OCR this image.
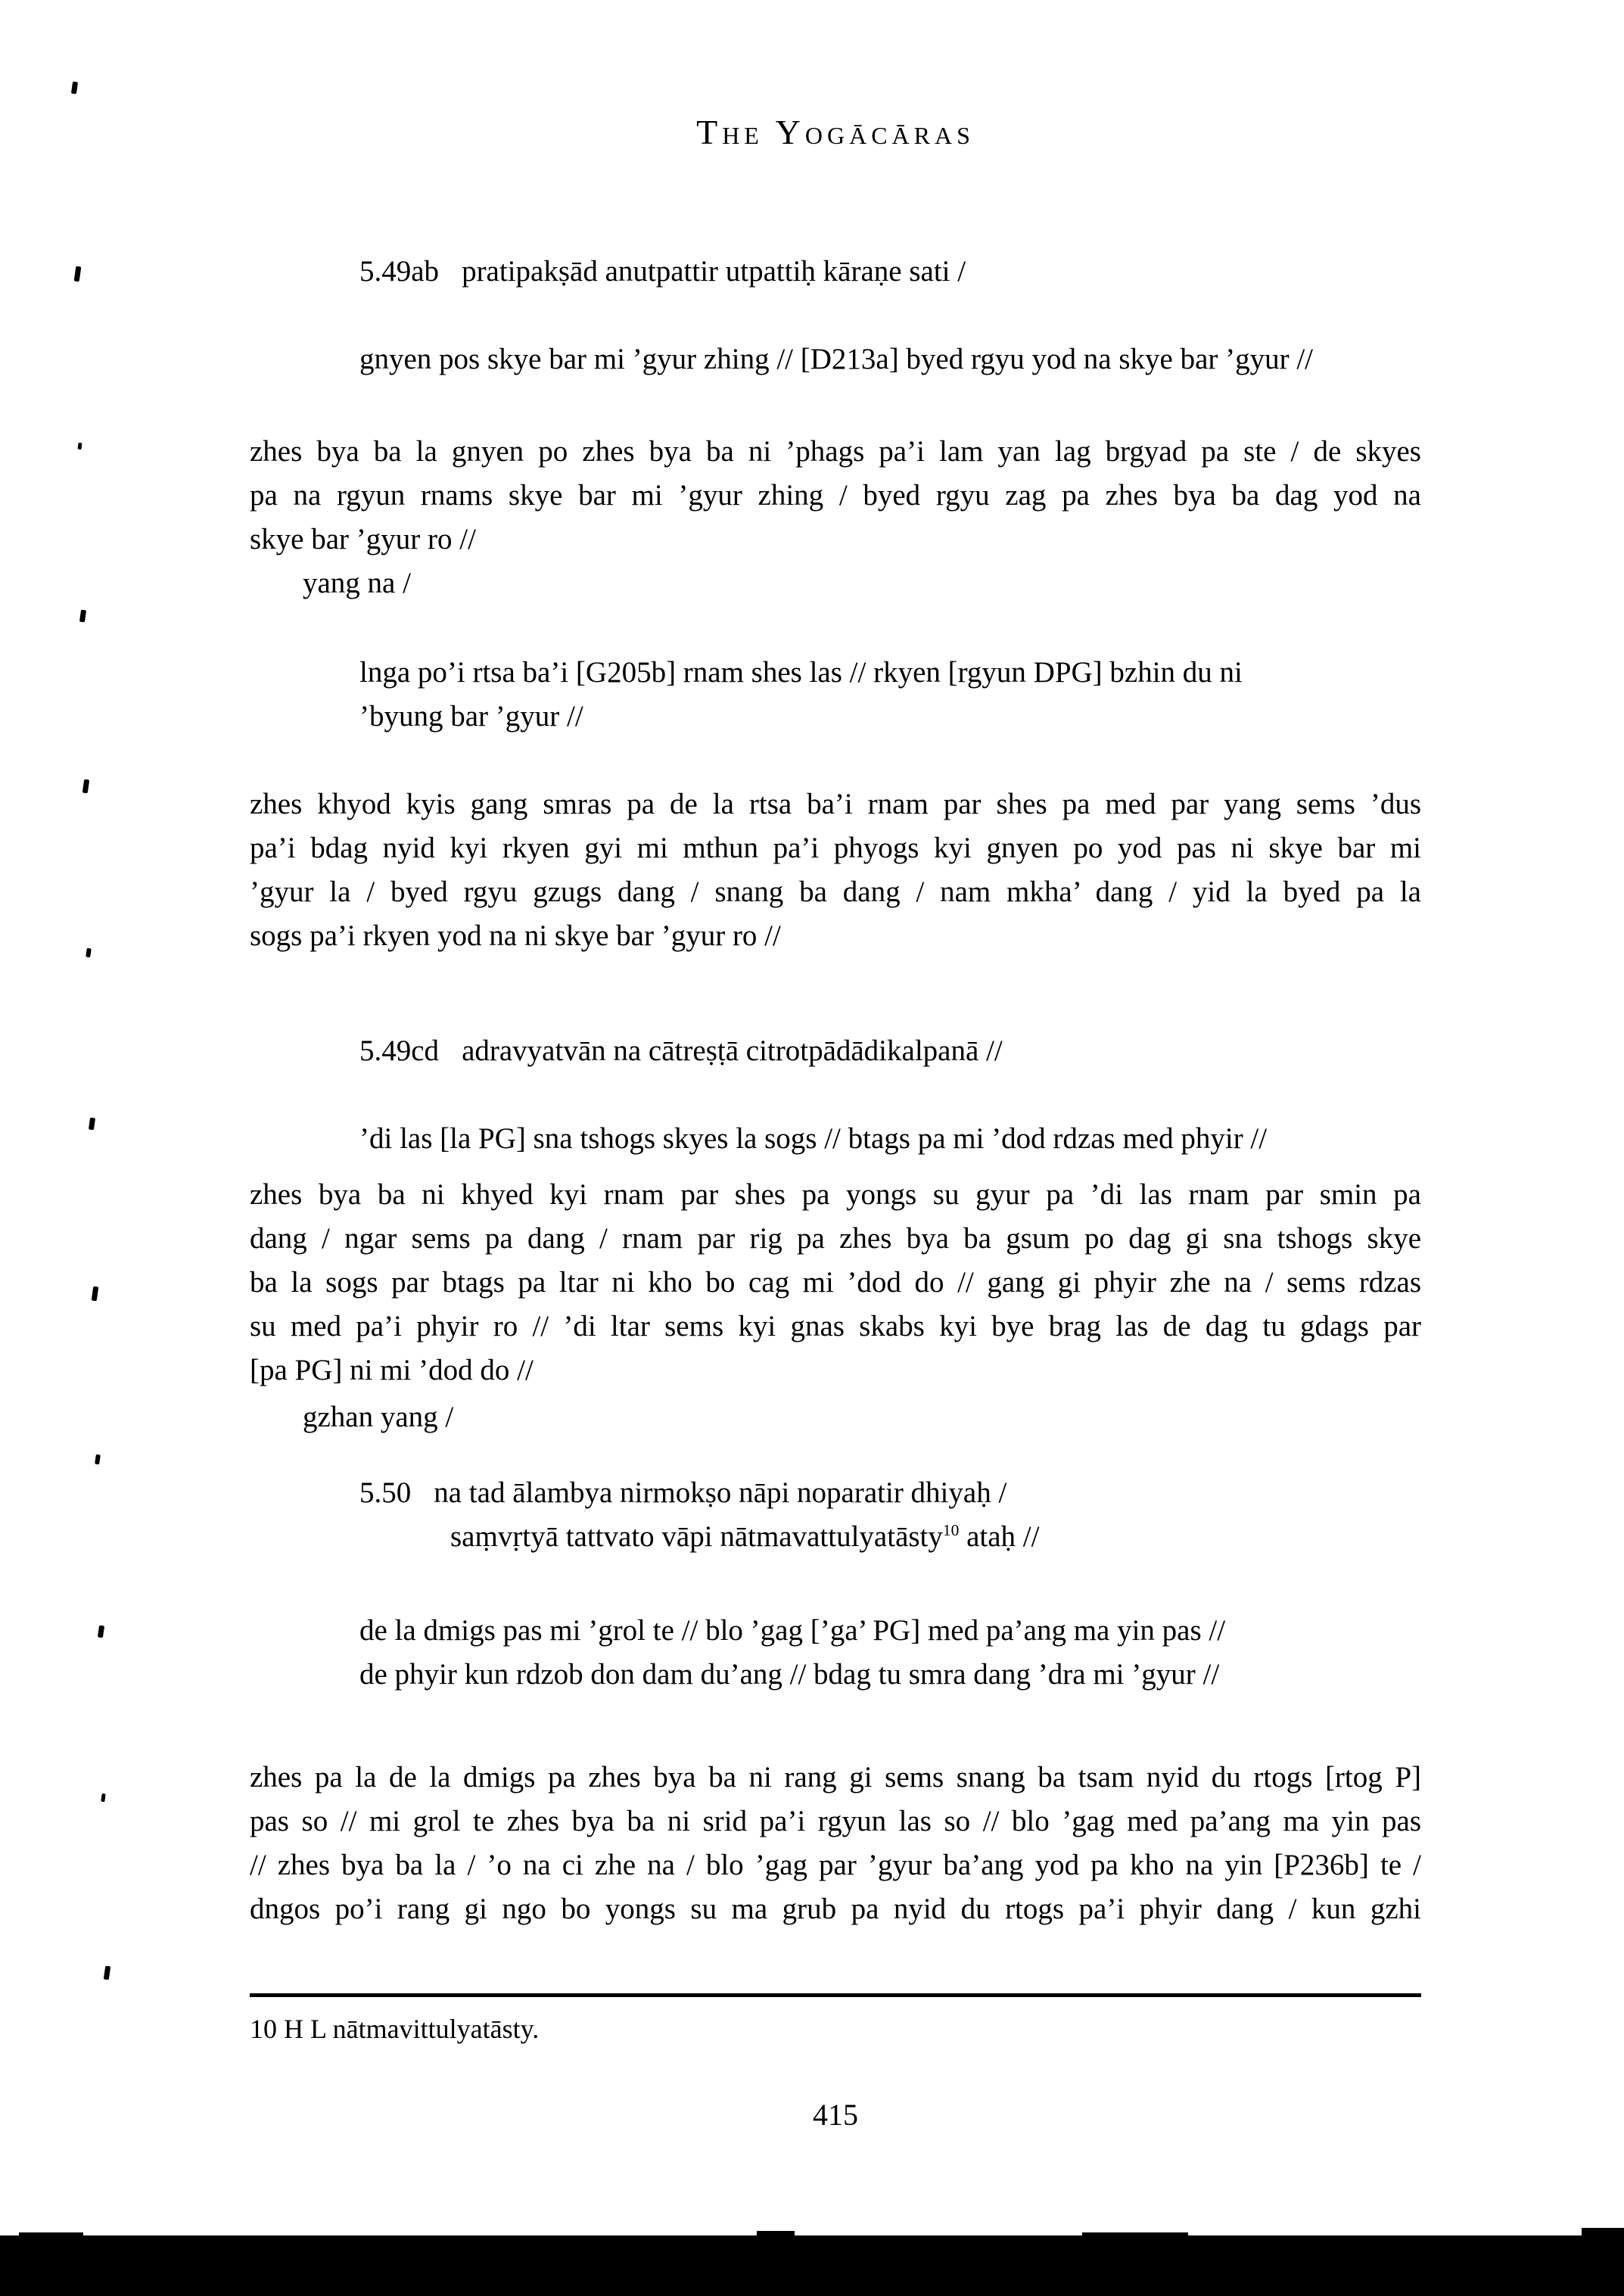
The Yogācāras
5.49ab pratipakṣād anutpattir utpattiḥ kāraṇe sati /
gnyen pos skye bar mi ’gyur zhing // [D213a] byed rgyu yod na skye bar ’gyur //
zhes bya ba la gnyen po zhes bya ba ni ’phags pa’i lam yan lag brgyad pa ste / de skyes
pa na rgyun rnams skye bar mi ’gyur zhing / byed rgyu zag pa zhes bya ba dag yod na
skye bar ’gyur ro //
yang na /
lnga po’i rtsa ba’i [G205b] rnam shes las // rkyen [rgyun DPG] bzhin du ni
’byung bar ’gyur //
zhes khyod kyis gang smras pa de la rtsa ba’i rnam par shes pa med par yang sems ’dus
pa’i bdag nyid kyi rkyen gyi mi mthun pa’i phyogs kyi gnyen po yod pas ni skye bar mi
’gyur la / byed rgyu gzugs dang / snang ba dang / nam mkha’ dang / yid la byed pa la
sogs pa’i rkyen yod na ni skye bar ’gyur ro //
5.49cd adravyatvān na cātreṣṭā citrotpādādikalpanā //
’di las [la PG] sna tshogs skyes la sogs // btags pa mi ’dod rdzas med phyir //
zhes bya ba ni khyed kyi rnam par shes pa yongs su gyur pa ’di las rnam par smin pa
dang / ngar sems pa dang / rnam par rig pa zhes bya ba gsum po dag gi sna tshogs skye
ba la sogs par btags pa ltar ni kho bo cag mi ’dod do // gang gi phyir zhe na / sems rdzas
su med pa’i phyir ro // ’di ltar sems kyi gnas skabs kyi bye brag las de dag tu gdags par
[pa PG] ni mi ’dod do //
gzhan yang /
5.50 na tad ālambya nirmokṣo nāpi noparatir dhiyaḥ /
saṃvṛtyā tattvato vāpi nātmavattulyatāsty$^{10}$ ataḥ //
de la dmigs pas mi ’grol te // blo ’gag [’ga’ PG] med pa’ang ma yin pas //
de phyir kun rdzob don dam du’ang // bdag tu smra dang ’dra mi ’gyur //
zhes pa la de la dmigs pa zhes bya ba ni rang gi sems snang ba tsam nyid du rtogs [rtog P]
pas so // mi grol te zhes bya ba ni srid pa’i rgyun las so // blo ’gag med pa’ang ma yin pas
// zhes bya ba la / ’o na ci zhe na / blo ’gag par ’gyur ba’ang yod pa kho na yin [P236b] te /
dngos po’i rang gi ngo bo yongs su ma grub pa nyid du rtogs pa’i phyir dang / kun gzhi
10 H L nātmavittulyatāsty.
415
